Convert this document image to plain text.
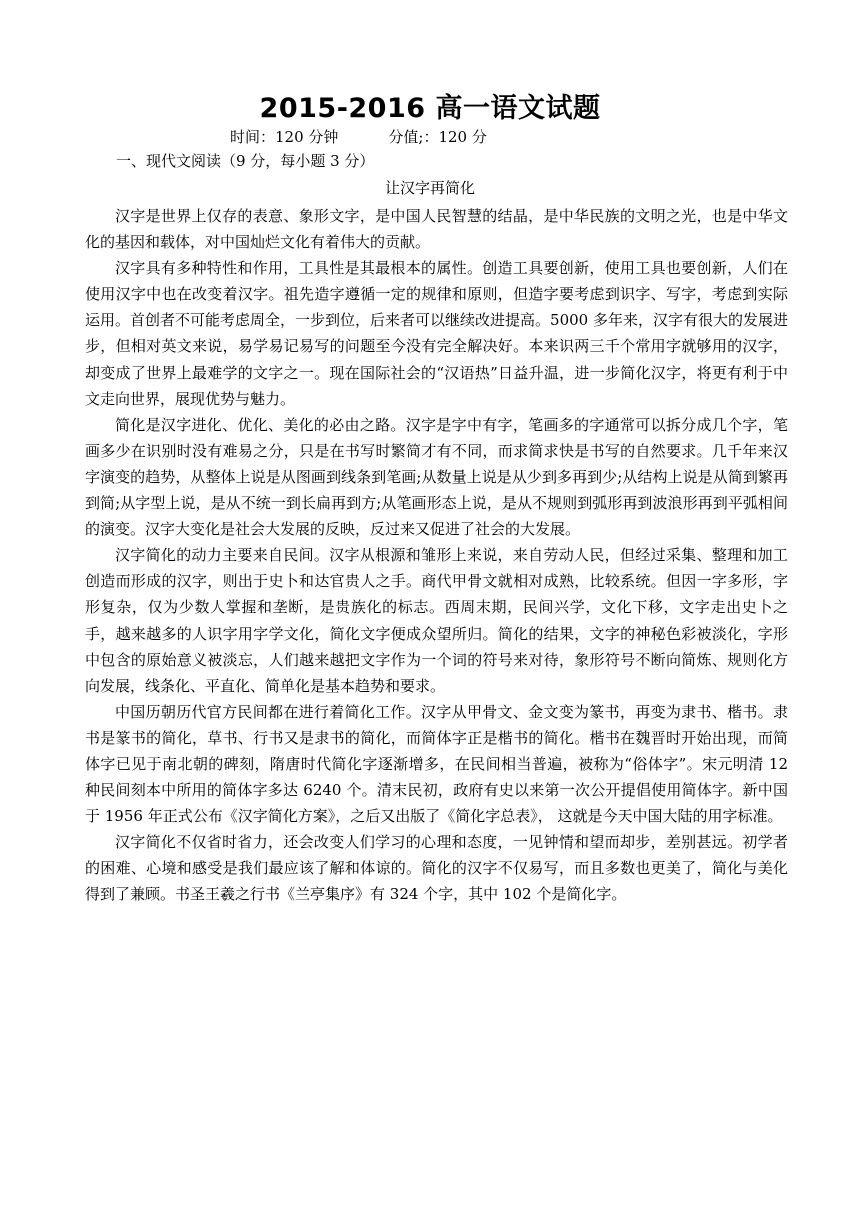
2015-2016 高一语文试题
时间：120 分钟	分值;：120 分
一、现代文阅读（9 分，每小题 3 分）
让汉字再简化

汉字是世界上仅存的表意、象形文字，是中国人民智慧的结晶，是中华民族的文明之光，也是中华文化的基因和载体，对中国灿烂文化有着伟大的贡献。

汉字具有多种特性和作用，工具性是其最根本的属性。创造工具要创新，使用工具也要创新，人们在使用汉字中也在改变着汉字。祖先造字遵循一定的规律和原则，但造字要考虑到识字、写字，考虑到实际运用。首创者不可能考虑周全，一步到位，后来者可以继续改进提高。5000 多年来，汉字有很大的发展进步，但相对英文来说，易学易记易写的问题至今没有完全解决好。本来识两三千个常用字就够用的汉字，却变成了世界上最难学的文字之一。现在国际社会的“汉语热”日益升温，进一步简化汉字，将更有利于中文走向世界，展现优势与魅力。

简化是汉字进化、优化、美化的必由之路。汉字是字中有字，笔画多的字通常可以拆分成几个字，笔画多少在识别时没有难易之分，只是在书写时繁简才有不同，而求简求快是书写的自然要求。几千年来汉字演变的趋势，从整体上说是从图画到线条到笔画;从数量上说是从少到多再到少;从结构上说是从简到繁再到简;从字型上说，是从不统一到长扁再到方;从笔画形态上说，是从不规则到弧形再到波浪形再到平弧相间的演变。汉字大变化是社会大发展的反映，反过来又促进了社会的大发展。

汉字简化的动力主要来自民间。汉字从根源和雏形上来说，来自劳动人民，但经过采集、整理和加工创造而形成的汉字，则出于史卜和达官贵人之手。商代甲骨文就相对成熟，比较系统。但因一字多形，字形复杂，仅为少数人掌握和垄断，是贵族化的标志。西周末期，民间兴学，文化下移，文字走出史卜之手，越来越多的人识字用字学文化，简化文字便成众望所归。简化的结果，文字的神秘色彩被淡化，字形中包含的原始意义被淡忘，人们越来越把文字作为一个词的符号来对待，象形符号不断向简炼、规则化方向发展，线条化、平直化、简单化是基本趋势和要求。

中国历朝历代官方民间都在进行着简化工作。汉字从甲骨文、金文变为篆书，再变为隶书、楷书。隶书是篆书的简化，草书、行书又是隶书的简化，而简体字正是楷书的简化。楷书在魏晋时开始出现，而简体字已见于南北朝的碑刻，隋唐时代简化字逐渐增多，在民间相当普遍，被称为“俗体字”。宋元明清 12 种民间刻本中所用的简体字多达 6240 个。清末民初，政府有史以来第一次公开提倡使用简体字。新中国于 1956 年正式公布《汉字简化方案》，之后又出版了《简化字总表》， 这就是今天中国大陆的用字标准。

汉字简化不仅省时省力，还会改变人们学习的心理和态度，一见钟情和望而却步，差别甚远。初学者的困难、心境和感受是我们最应该了解和体谅的。简化的汉字不仅易写，而且多数也更美了，简化与美化得到了兼顾。书圣王羲之行书《兰亭集序》有 324 个字，其中 102 个是简化字。
